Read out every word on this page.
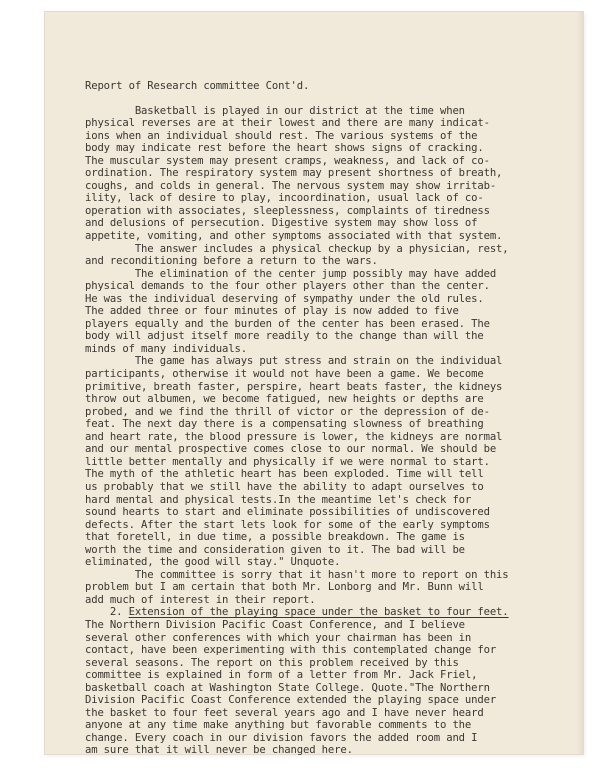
Report of Research committee Cont'd.
Basketball is played in our district at the time when
physical reverses are at their lowest and there are many indicat-
ions when an individual should rest. The various systems of the
body may indicate rest before the heart shows signs of cracking.
The muscular system may present cramps, weakness, and lack of co-
ordination. The respiratory system may present shortness of breath,
coughs, and colds in general. The nervous system may show irritab-
ility, lack of desire to play, incoordination, usual lack of co-
operation with associates, sleeplessness, complaints of tiredness
and delusions of persecution. Digestive system may show loss of
appetite, vomiting, and other symptoms associated with that system.
The answer includes a physical checkup by a physician, rest,
and reconditioning before a return to the wars.
The elimination of the center jump possibly may have added
physical demands to the four other players other than the center.
He was the individual deserving of sympathy under the old rules.
The added three or four minutes of play is now added to five
players equally and the burden of the center has been erased. The
body will adjust itself more readily to the change than will the
minds of many individuals.
The game has always put stress and strain on the individual
participants, otherwise it would not have been a game. We become
primitive, breath faster, perspire, heart beats faster, the kidneys
throw out albumen, we become fatigued, new heights or depths are
probed, and we find the thrill of victor or the depression of de-
feat. The next day there is a compensating slowness of breathing
and heart rate, the blood pressure is lower, the kidneys are normal
and our mental prospective comes close to our normal. We should be
little better mentally and physically if we were normal to start.
The myth of the athletic heart has been exploded. Time will tell
us probably that we still have the ability to adapt ourselves to
hard mental and physical tests.In the meantime let's check for
sound hearts to start and eliminate possibilities of undiscovered
defects. After the start lets look for some of the early symptoms
that foretell, in due time, a possible breakdown. The game is
worth the time and consideration given to it. The bad will be
eliminated, the good will stay." Unquote.
The committee is sorry that it hasn't more to report on this
problem but I am certain that both Mr. Lonborg and Mr. Bunn will
add much of interest in their report.
2. Extension of the playing space under the basket to four feet.
The Northern Division Pacific Coast Conference, and I believe
several other conferences with which your chairman has been in
contact, have been experimenting with this contemplated change for
several seasons. The report on this problem received by this
committee is explained in form of a letter from Mr. Jack Friel,
basketball coach at Washington State College. Quote."The Northern
Division Pacific Coast Conference extended the playing space under
the basket to four feet several years ago and I have never heard
anyone at any time make anything but favorable comments to the
change. Every coach in our division favors the added room and I
am sure that it will never be changed here.
